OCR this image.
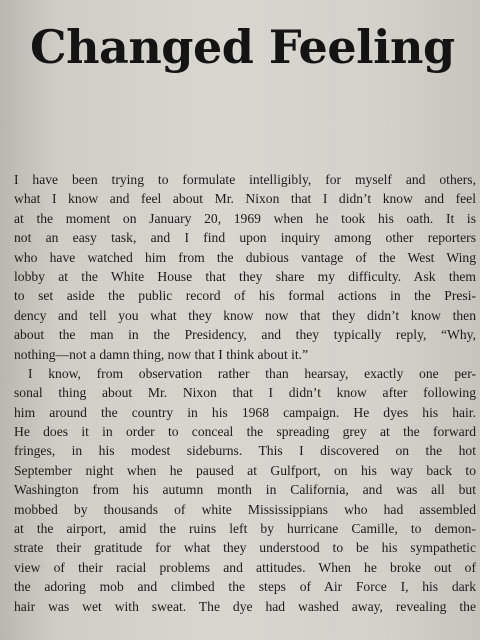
Changed Feeling
I have been trying to formulate intelligibly, for myself and others,
what I know and feel about Mr. Nixon that I didn’t know and feel
at the moment on January 20, 1969 when he took his oath. It is
not an easy task, and I find upon inquiry among other reporters
who have watched him from the dubious vantage of the West Wing
lobby at the White House that they share my difficulty. Ask them
to set aside the public record of his formal actions in the Presi-
dency and tell you what they know now that they didn’t know then
about the man in the Presidency, and they typically reply, “Why,
nothing—not a damn thing, now that I think about it.”
I know, from observation rather than hearsay, exactly one per-
sonal thing about Mr. Nixon that I didn’t know after following
him around the country in his 1968 campaign. He dyes his hair.
He does it in order to conceal the spreading grey at the forward
fringes, in his modest sideburns. This I discovered on the hot
September night when he paused at Gulfport, on his way back to
Washington from his autumn month in California, and was all but
mobbed by thousands of white Mississippians who had assembled
at the airport, amid the ruins left by hurricane Camille, to demon-
strate their gratitude for what they understood to be his sympathetic
view of their racial problems and attitudes. When he broke out of
the adoring mob and climbed the steps of Air Force I, his dark
hair was wet with sweat. The dye had washed away, revealing the
